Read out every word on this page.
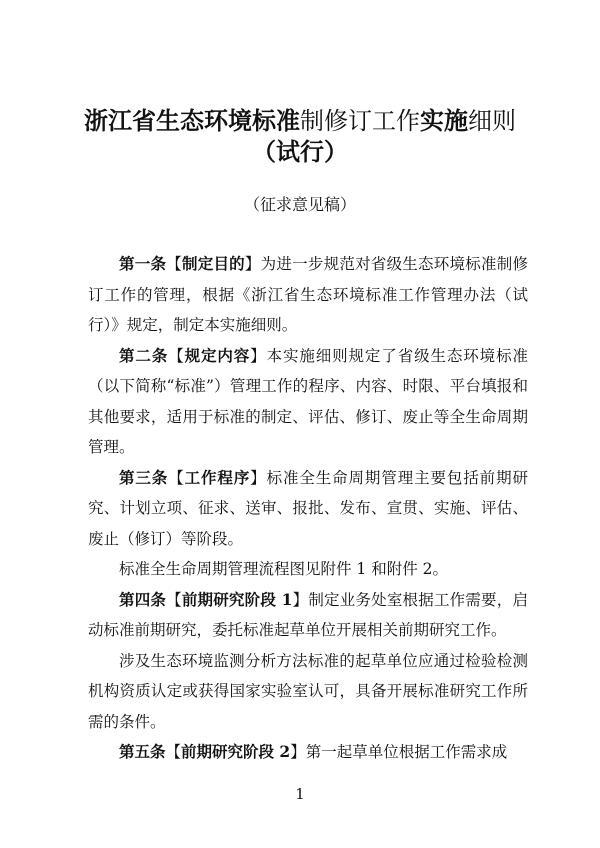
浙江省生态环境标准制修订工作实施细则
（试行）
（征求意见稿）

第一条【制定目的】为进一步规范对省级生态环境标准制修订工作的管理，根据《浙江省生态环境标准工作管理办法（试行）》规定，制定本实施细则。

第二条【规定内容】本实施细则规定了省级生态环境标准（以下简称“标准”）管理工作的程序、内容、时限、平台填报和其他要求，适用于标准的制定、评估、修订、废止等全生命周期管理。

第三条【工作程序】标准全生命周期管理主要包括前期研究、计划立项、征求、送审、报批、发布、宣贯、实施、评估、废止（修订）等阶段。

标准全生命周期管理流程图见附件 1 和附件 2。

第四条【前期研究阶段 1】制定业务处室根据工作需要，启动标准前期研究，委托标准起草单位开展相关前期研究工作。

涉及生态环境监测分析方法标准的起草单位应通过检验检测机构资质认定或获得国家实验室认可，具备开展标准研究工作所需的条件。

第五条【前期研究阶段 2】第一起草单位根据工作需求成

1
